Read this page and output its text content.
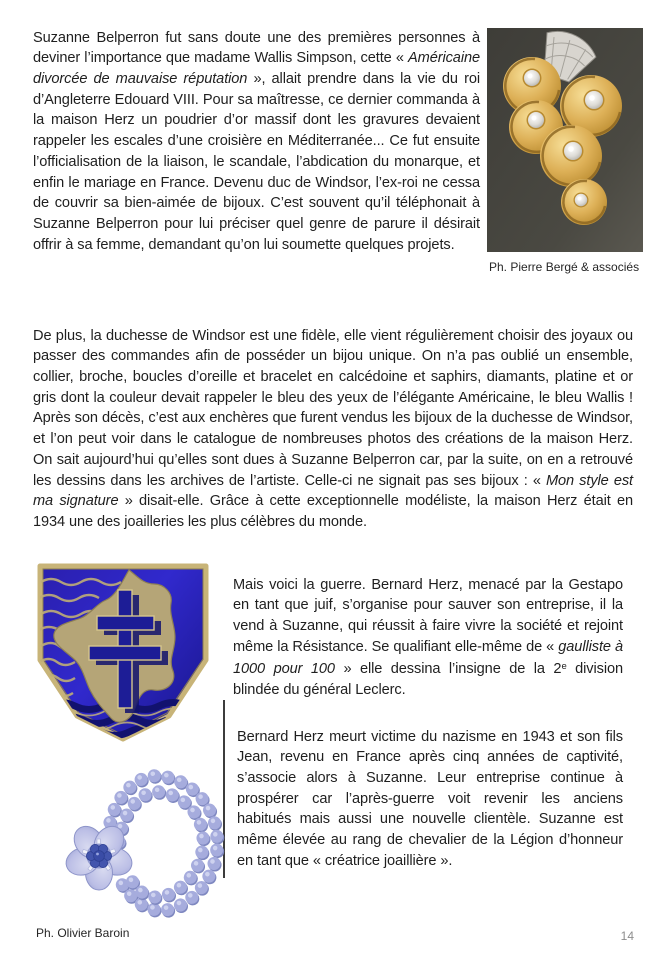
Suzanne Belperron fut sans doute une des premières personnes à deviner l’importance que madame Wallis Simpson, cette « Américaine divorcée de mauvaise réputation », allait prendre dans la vie du roi d’Angleterre Edouard VIII. Pour sa maîtresse, ce dernier commanda à la maison Herz un poudrier d’or massif dont les gravures devaient rappeler les escales d’une croisière en Méditerranée... Ce fut ensuite l’officialisation de la liaison, le scandale, l’abdication du monarque, et enfin le mariage en France. Devenu duc de Windsor, l’ex-roi ne cessa de couvrir sa bien-aimée de bijoux. C’est souvent qu’il téléphonait à Suzanne Belperron pour lui préciser quel genre de parure il désirait offrir à sa femme, demandant qu’on lui soumette quelques projets.

Ph. Pierre Bergé & associés

De plus, la duchesse de Windsor est une fidèle, elle vient régulièrement choisir des joyaux ou passer des commandes afin de posséder un bijou unique. On n’a pas oublié un ensemble, collier, broche, boucles d’oreille et bracelet en calcédoine et saphirs, diamants, platine et or gris dont la couleur devait rappeler le bleu des yeux de l’élégante Américaine, le bleu Wallis ! Après son décès, c’est aux enchères que furent vendus les bijoux de la duchesse de Windsor, et l’on peut voir dans le catalogue de nombreuses photos des créations de la maison Herz. On sait aujourd’hui qu’elles sont dues à Suzanne Belperron car, par la suite, on en a retrouvé les dessins dans les archives de l’artiste. Celle-ci ne signait pas ses bijoux : « Mon style est ma signature » disait-elle. Grâce à cette exceptionnelle modéliste, la maison Herz était en 1934 une des joailleries les plus célèbres du monde.

Mais voici la guerre. Bernard Herz, menacé par la Gestapo en tant que juif, s’organise pour sauver son entreprise, il la vend à Suzanne, qui réussit à faire vivre la société et rejoint même la Résistance. Se qualifiant elle-même de « gaulliste à 1000 pour 100 » elle dessina l’insigne de la 2e division blindée du général Leclerc.

Bernard Herz meurt victime du nazisme en 1943 et son fils Jean, revenu en France après cinq années de captivité, s’associe alors à Suzanne. Leur entreprise continue à prospérer car l’après-guerre voit revenir les anciens habitués mais aussi une nouvelle clientèle. Suzanne est même élevée au rang de chevalier de la Légion d’honneur en tant que « créatrice joaillière ».

Ph. Olivier Baroin	14
